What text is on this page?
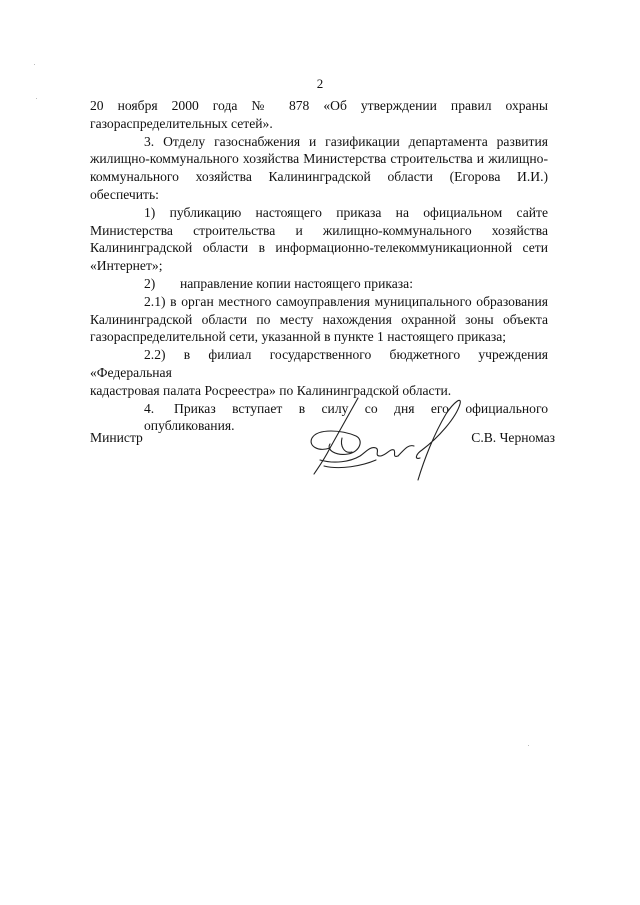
2

20 ноября 2000 года № 878 «Об утверждении правил охраны

газораспределительных сетей».

3. Отделу газоснабжения и газификации департамента развития

жилищно-коммунального хозяйства Министерства строительства и жилищно-

коммунального хозяйства Калининградской области (Егорова И.И.)

обеспечить:

1) публикацию настоящего приказа на официальном сайте

Министерства строительства и жилищно-коммунального хозяйства

Калининградской области в информационно-телекоммуникационной сети

«Интернет»;

2) направление копии настоящего приказа:

2.1) в орган местного самоуправления муниципального образования

Калининградской области по месту нахождения охранной зоны объекта

газораспределительной сети, указанной в пункте 1 настоящего приказа;

2.2) в филиал государственного бюджетного учреждения «Федеральная

кадастровая палата Росреестра» по Калининградской области.

4. Приказ вступает в силу со дня его официального опубликования.

Министр	С.В. Черномаз
